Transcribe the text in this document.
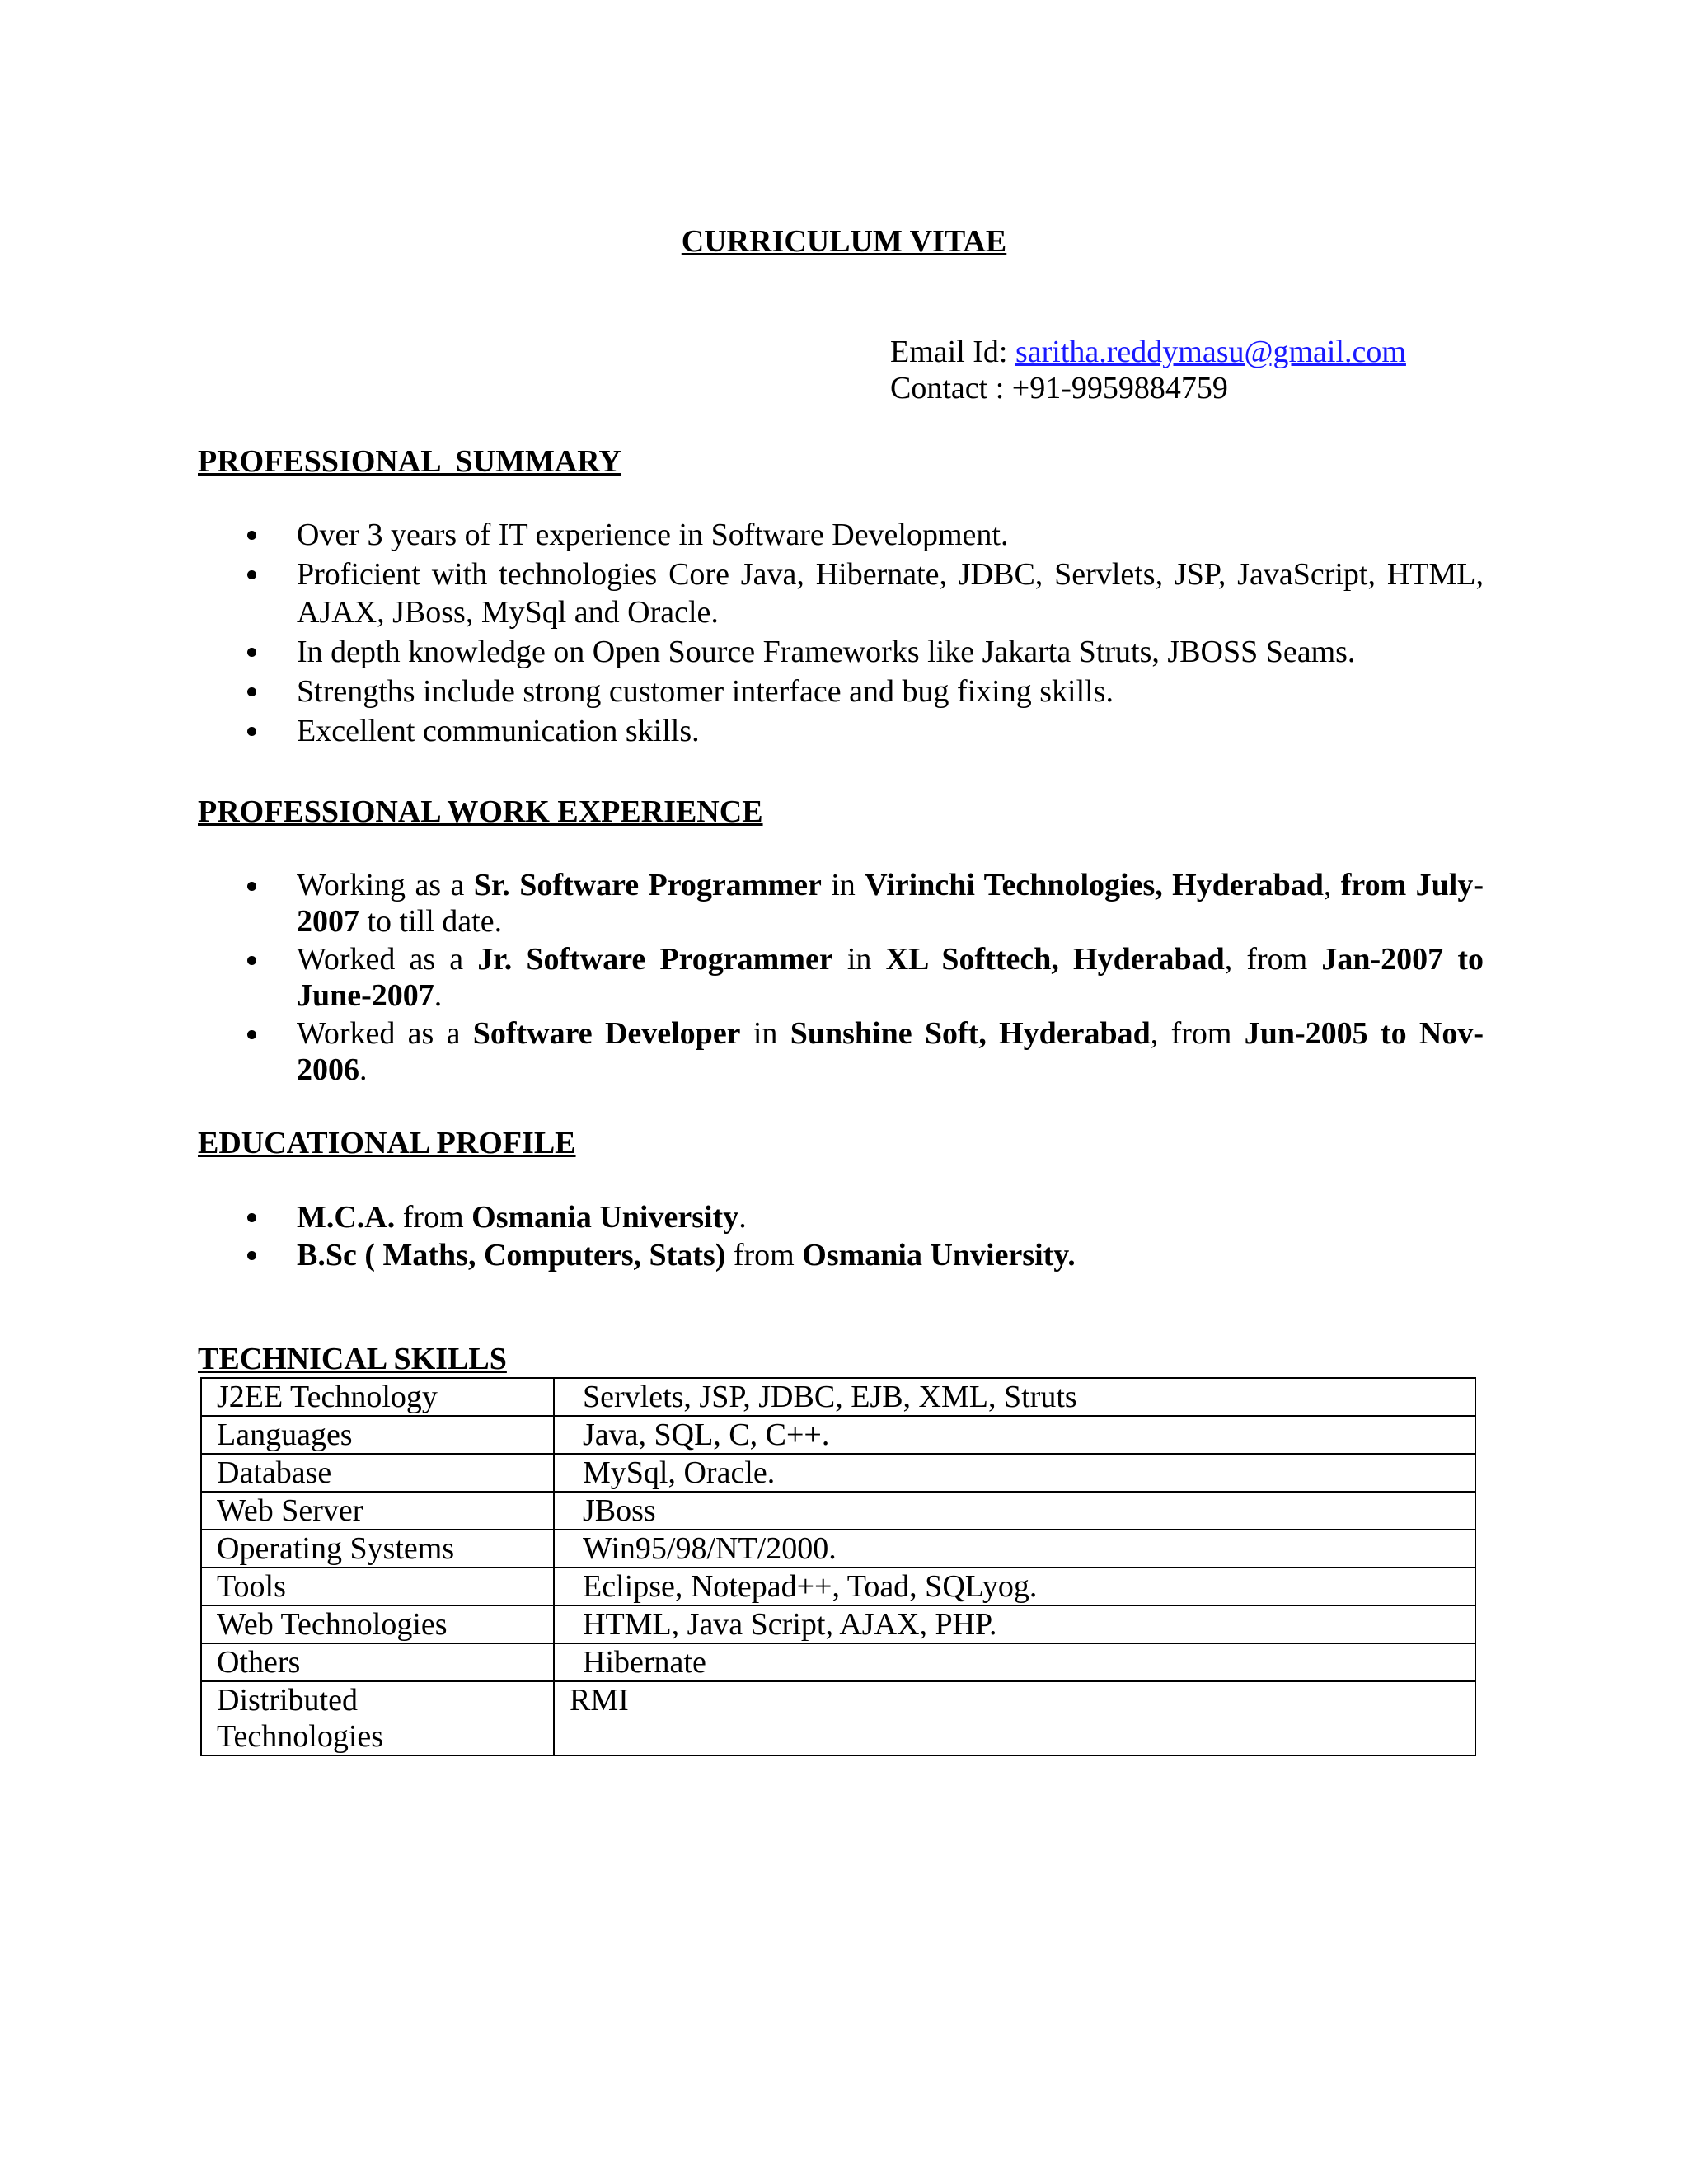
CURRICULUM VITAE
Email Id: saritha.reddymasu@gmail.com
Contact : +91-9959884759
PROFESSIONAL  SUMMARY
Over 3 years of IT experience in Software Development.
Proficient with technologies Core Java, Hibernate, JDBC, Servlets, JSP, JavaScript, HTML, AJAX, JBoss, MySql and Oracle.
In depth knowledge on Open Source Frameworks like Jakarta Struts, JBOSS Seams.
Strengths include strong customer interface and bug fixing skills.
Excellent communication skills.
PROFESSIONAL WORK EXPERIENCE
Working as a Sr. Software Programmer in Virinchi Technologies, Hyderabad, from July-2007 to till date.
Worked as a Jr. Software Programmer in XL Softtech, Hyderabad, from Jan-2007 to June-2007.
Worked as a Software Developer in Sunshine Soft, Hyderabad, from Jun-2005 to Nov-2006.
EDUCATIONAL PROFILE
M.C.A. from Osmania University.
B.Sc ( Maths, Computers, Stats) from Osmania Unviersity.
TECHNICAL SKILLS
J2EE Technology	Servlets, JSP, JDBC, EJB, XML, Struts
Languages	Java, SQL, C, C++.
Database	MySql, Oracle.
Web Server	JBoss
Operating Systems	Win95/98/NT/2000.
Tools	Eclipse, Notepad++, Toad, SQLyog.
Web Technologies	HTML, Java Script, AJAX, PHP.
Others	Hibernate
Distributed Technologies	RMI
